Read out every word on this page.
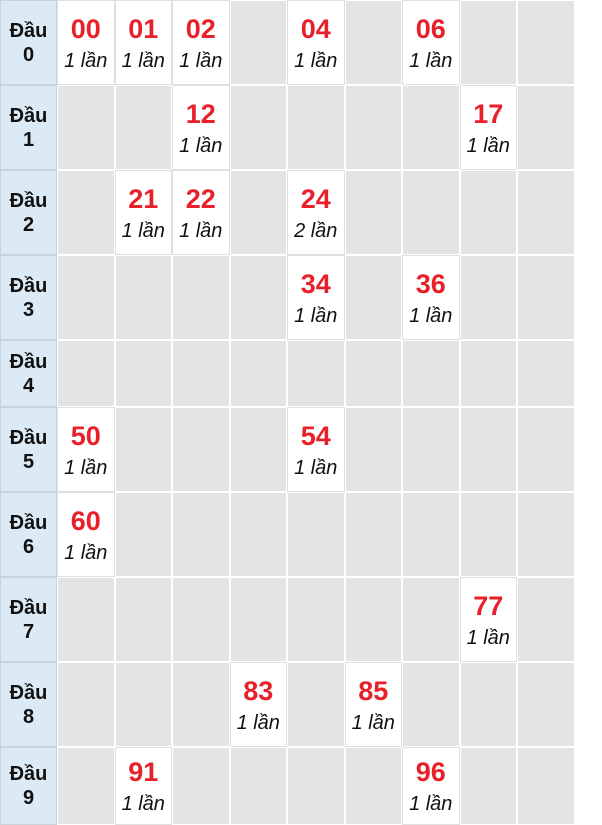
Đầu
0
00
1 lần
01
1 lần
02
1 lần
04
1 lần
06
1 lần
Đầu
1
12
1 lần
17
1 lần
Đầu
2
21
1 lần
22
1 lần
24
2 lần
Đầu
3
34
1 lần
36
1 lần
Đầu
4
Đầu
5
50
1 lần
54
1 lần
Đầu
6
60
1 lần
Đầu
7
77
1 lần
Đầu
8
83
1 lần
85
1 lần
Đầu
9
91
1 lần
96
1 lần
